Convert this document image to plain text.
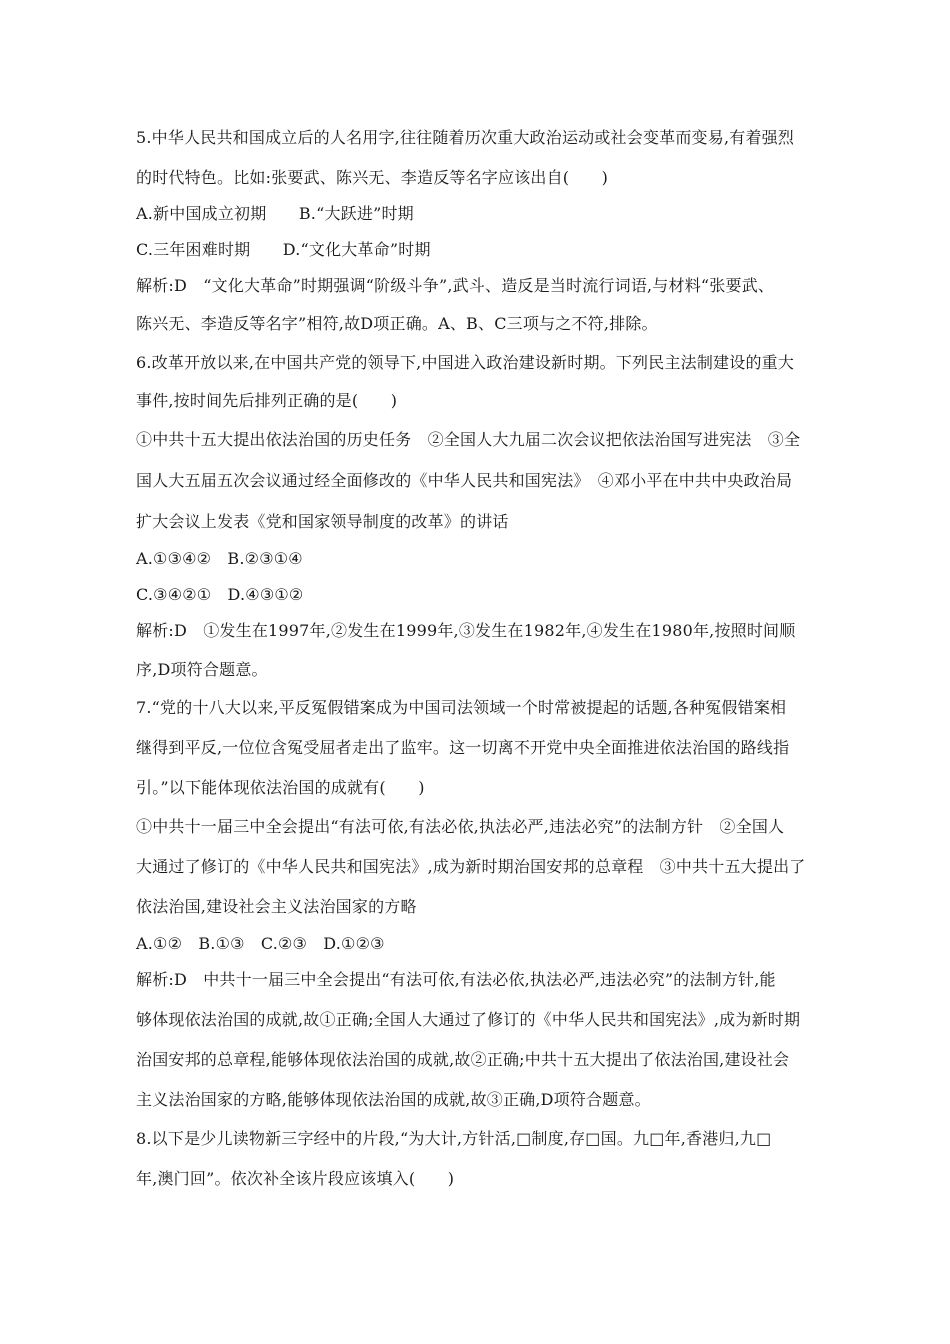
5.中华人民共和国成立后的人名用字,往往随着历次重大政治运动或社会变革而变易,有着强烈
的时代特色。比如:张要武、陈兴无、李造反等名字应该出自(　　)
A.新中国成立初期　　B.“大跃进”时期
C.三年困难时期　　D.“文化大革命”时期
解析:D　“文化大革命”时期强调“阶级斗争”,武斗、造反是当时流行词语,与材料“张要武、
陈兴无、李造反等名字”相符,故D项正确。A、B、C三项与之不符,排除。
6.改革开放以来,在中国共产党的领导下,中国进入政治建设新时期。下列民主法制建设的重大
事件,按时间先后排列正确的是(　　)
①中共十五大提出依法治国的历史任务　②全国人大九届二次会议把依法治国写进宪法　③全
国人大五届五次会议通过经全面修改的《中华人民共和国宪法》　④邓小平在中共中央政治局
扩大会议上发表《党和国家领导制度的改革》的讲话
A.①③④②　B.②③①④
C.③④②①　D.④③①②
解析:D　①发生在1997年,②发生在1999年,③发生在1982年,④发生在1980年,按照时间顺
序,D项符合题意。
7.“党的十八大以来,平反冤假错案成为中国司法领域一个时常被提起的话题,各种冤假错案相
继得到平反,一位位含冤受屈者走出了监牢。这一切离不开党中央全面推进依法治国的路线指
引。”以下能体现依法治国的成就有(　　)
①中共十一届三中全会提出“有法可依,有法必依,执法必严,违法必究”的法制方针　②全国人
大通过了修订的《中华人民共和国宪法》,成为新时期治国安邦的总章程　③中共十五大提出了
依法治国,建设社会主义法治国家的方略
A.①②　B.①③　C.②③　D.①②③
解析:D　中共十一届三中全会提出“有法可依,有法必依,执法必严,违法必究”的法制方针,能
够体现依法治国的成就,故①正确;全国人大通过了修订的《中华人民共和国宪法》,成为新时期
治国安邦的总章程,能够体现依法治国的成就,故②正确;中共十五大提出了依法治国,建设社会
主义法治国家的方略,能够体现依法治国的成就,故③正确,D项符合题意。
8.以下是少儿读物新三字经中的片段,“为大计,方针活,□制度,存□国。九□年,香港归,九□
年,澳门回”。依次补全该片段应该填入(　　)
